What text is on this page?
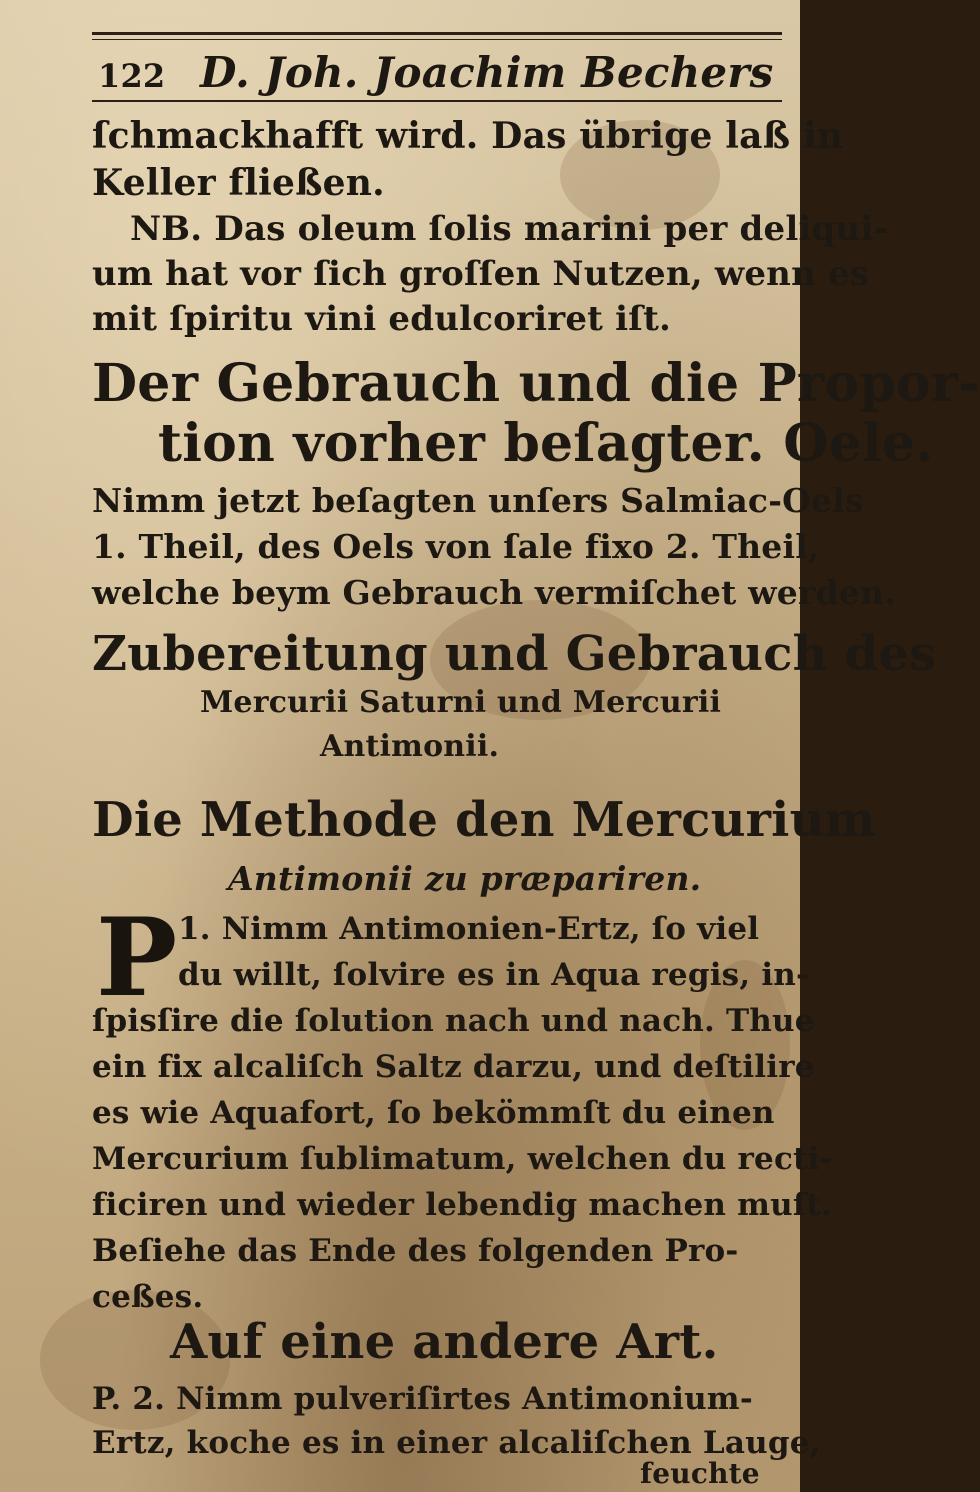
122 D. Joh. Joachim Bechers
ſchmackhafft wird. Das übrige laß in
Keller fließen.
NB. Das oleum ſolis marini per deliqui-
um hat vor ſich groſſen Nutzen, wenn es
mit ſpiritu vini edulcoriret iſt.
Der Gebrauch und die Propor-
tion vorher beſagter. Oele.
Nimm jetzt beſagten unſers Salmiac-Oels
1. Theil, des Oels von ſale fixo 2. Theil,
welche beym Gebrauch vermiſchet werden.
Zubereitung und Gebrauch des
Mercurii Saturni und Mercurii
Antimonii.
Die Methode den Mercurium
Antimonii zu præpariren.
P 1. Nimm Antimonien-Ertz, ſo viel
du willt, ſolvire es in Aqua regis, in-
ſpisſire die ſolution nach und nach. Thue
ein fix alcaliſch Saltz darzu, und deſtilire
es wie Aquafort, ſo bekömmſt du einen
Mercurium ſublimatum, welchen du recti-
ficiren und wieder lebendig machen muſt.
Beſiehe das Ende des folgenden Pro-
ceßes.
Auf eine andere Art.
P. 2. Nimm pulveriſirtes Antimonium-
Ertz, koche es in einer alcaliſchen Lauge,
feuchte
